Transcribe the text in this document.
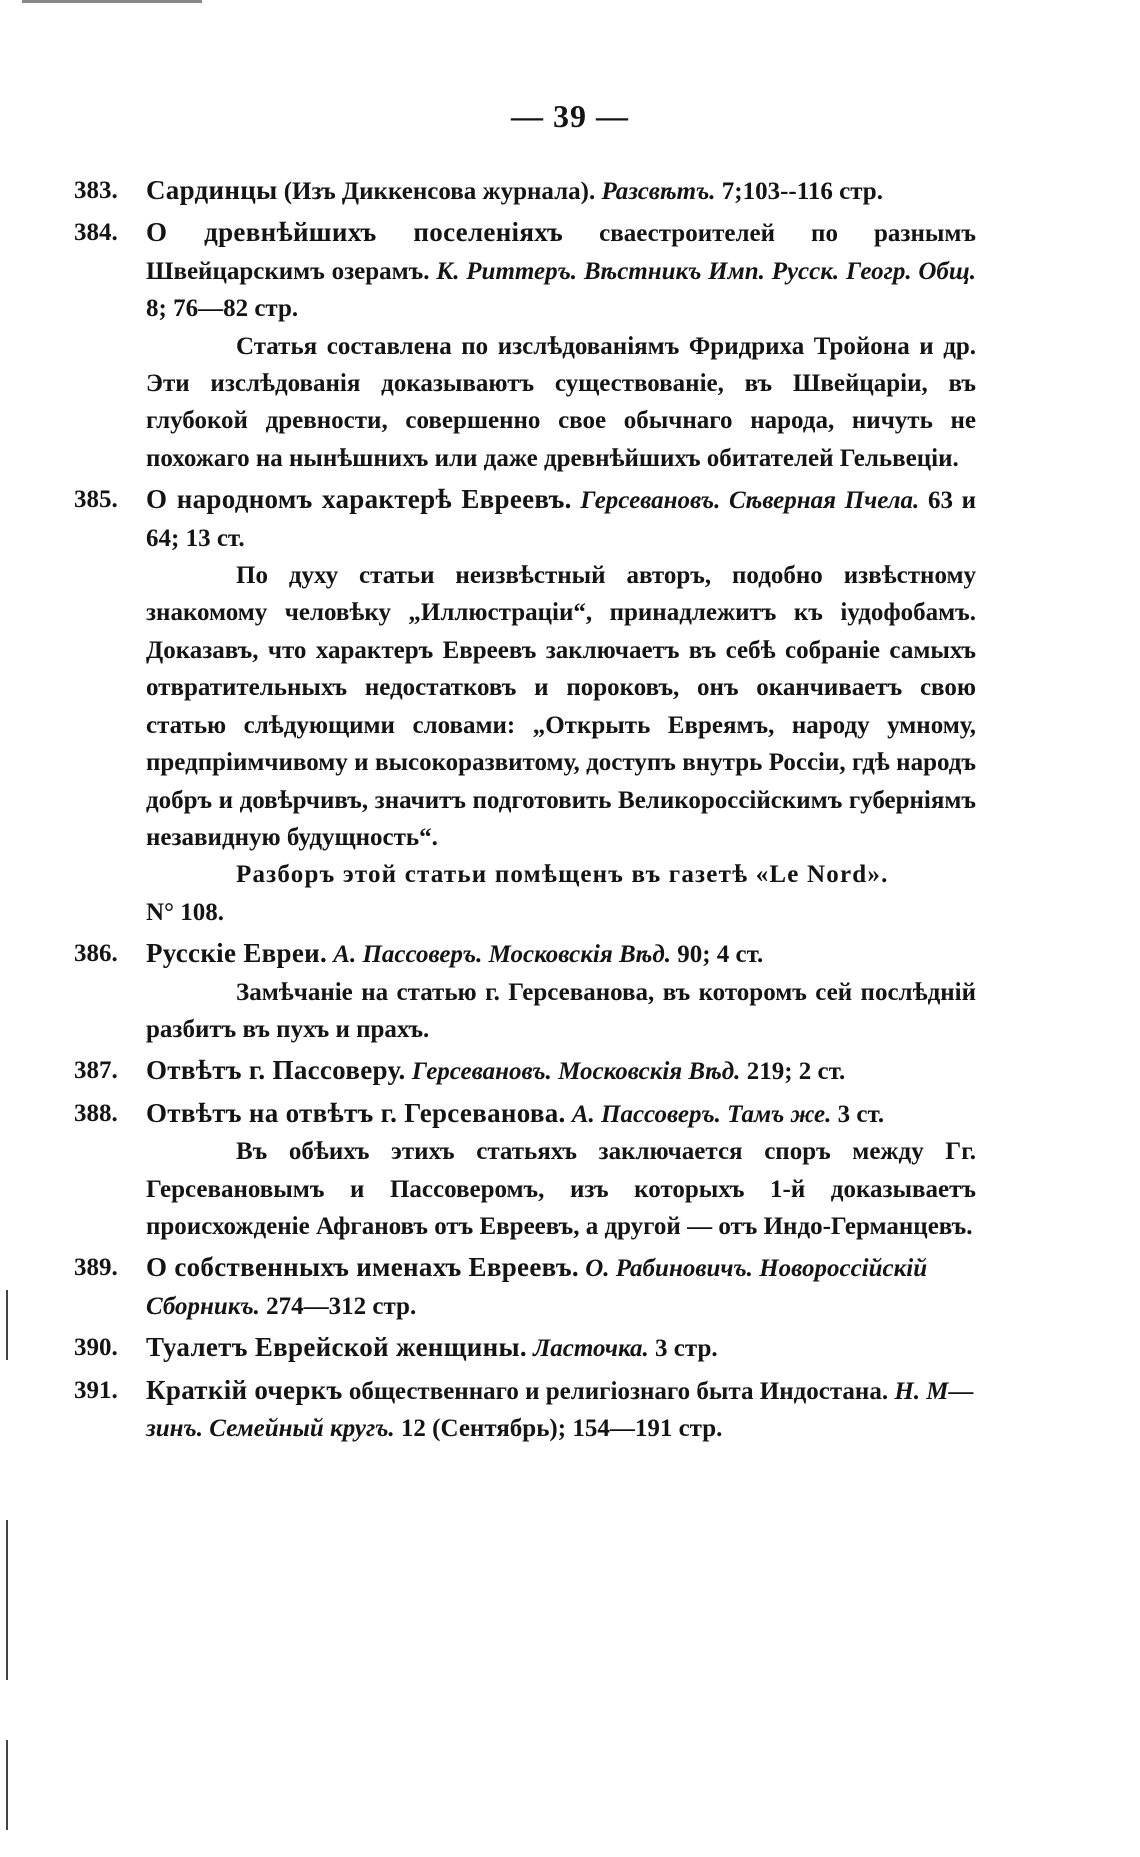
— 39 —
383.	Сардинцы (Изъ Диккенсова журнала). Разсвѣтъ. 7;103--116 стр.
384.	О древнѣйшихъ поселеніяхъ сваестроителей по разнымъ Швейцарскимъ озерамъ. К. Риттеръ. Вѣстникъ Имп. Русск. Геогр. Общ. 8; 76—82 стр.
Статья составлена по изслѣдованіямъ Фридриха Тройона и др. Эти изслѣдованія доказываютъ существованіе, въ Швейцаріи, въ глубокой древности, совершенно свое обычнаго народа, ничуть не похожаго на нынѣшнихъ или даже древнѣйшихъ обитателей Гельвеціи.
385.	О народномъ характерѣ Евреевъ. Герсевановъ. Сѣверная Пчела. 63 и 64; 13 ст.
По духу статьи неизвѣстный авторъ, подобно извѣстному знакомому человѣку „Иллюстраціи“, принадлежитъ къ іудофобамъ. Доказавъ, что характеръ Евреевъ заключаетъ въ себѣ собраніе самыхъ отвратительныхъ недостатковъ и пороковъ, онъ оканчиваетъ свою статью слѣдующими словами: „Открыть Евреямъ, народу умному, предпріимчивому и высокоразвитому, доступъ внутрь Россіи, гдѣ народъ добръ и довѣрчивъ, значитъ подготовить Великороссійскимъ губерніямъ незавидную будущность“.
Разборъ этой статьи помѣщенъ въ газетѣ «Le Nord».
N° 108.
386.	Русскіе Евреи. А. Пассоверъ. Московскія Вѣд. 90; 4 ст.
Замѣчаніе на статью г. Герсеванова, въ которомъ сей послѣдній разбитъ въ пухъ и прахъ.
387.	Отвѣтъ г. Пассоверу. Герсевановъ. Московскія Вѣд. 219; 2 ст.
388.	Отвѣтъ на отвѣтъ г. Герсеванова. А. Пассоверъ. Тамъ же. 3 ст.
Въ обѣихъ этихъ статьяхъ заключается споръ между Гг. Герсевановымъ и Пассоверомъ, изъ которыхъ 1-й доказываетъ происхожденіе Афгановъ отъ Евреевъ, а другой — отъ Индо-Германцевъ.
389.	О собственныхъ именахъ Евреевъ. О. Рабиновичъ. Новороссійскій Сборникъ. 274—312 стр.
390.	Туалетъ Еврейской женщины. Ласточка. 3 стр.
391.	Краткій очеркъ общественнаго и религіознаго быта Индостана. Н. М—зинъ. Семейный кругъ. 12 (Сентябрь); 154—191 стр.
